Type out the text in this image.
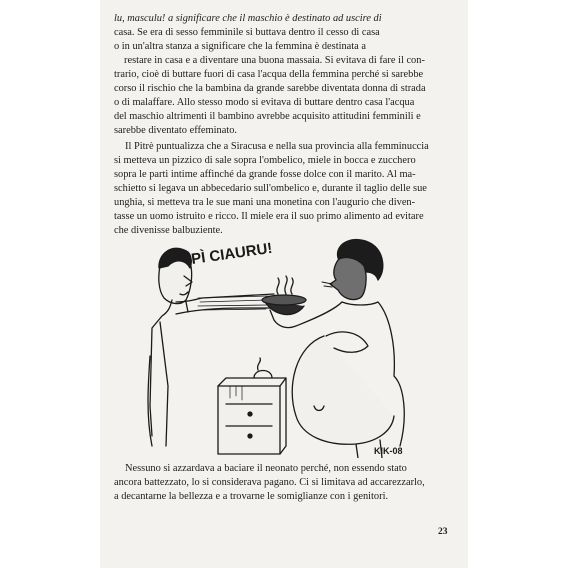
lu, masculu! a significare che il maschio è destinato ad uscire di
casa. Se era di sesso femminile si buttava dentro il cesso di casa
o in un'altra stanza a significare che la femmina è destinata a
restare in casa e a diventare una buona massaia. Si evitava di fare il con-
trario, cioè di buttare fuori di casa l'acqua della femmina perché si sarebbe
corso il rischio che la bambina da grande sarebbe diventata donna di strada
o di malaffare. Allo stesso modo si evitava di buttare dentro casa l'acqua
del maschio altrimenti il bambino avrebbe acquisito attitudini femminili e
sarebbe diventato effeminato.

Il Pitrè puntualizza che a Siracusa e nella sua provincia alla femminuccia
si metteva un pizzico di sale sopra l'ombelico, miele in bocca e zucchero
sopra le parti intime affinché da grande fosse dolce con il marito. Al ma-
schietto si legava un abbecedario sull'ombelico e, durante il taglio delle sue
unghia, si metteva tra le sue mani una monetina con l'augurio che diven-
tasse un uomo istruito e ricco. Il miele era il suo primo alimento ad evitare
che divenisse balbuziente.

PÌ CIAURU!
KIK-08

Nessuno si azzardava a baciare il neonato perché, non essendo stato
ancora battezzato, lo si considerava pagano. Ci si limitava ad accarezzarlo,
a decantarne la bellezza e a trovarne le somiglianze con i genitori.

23
